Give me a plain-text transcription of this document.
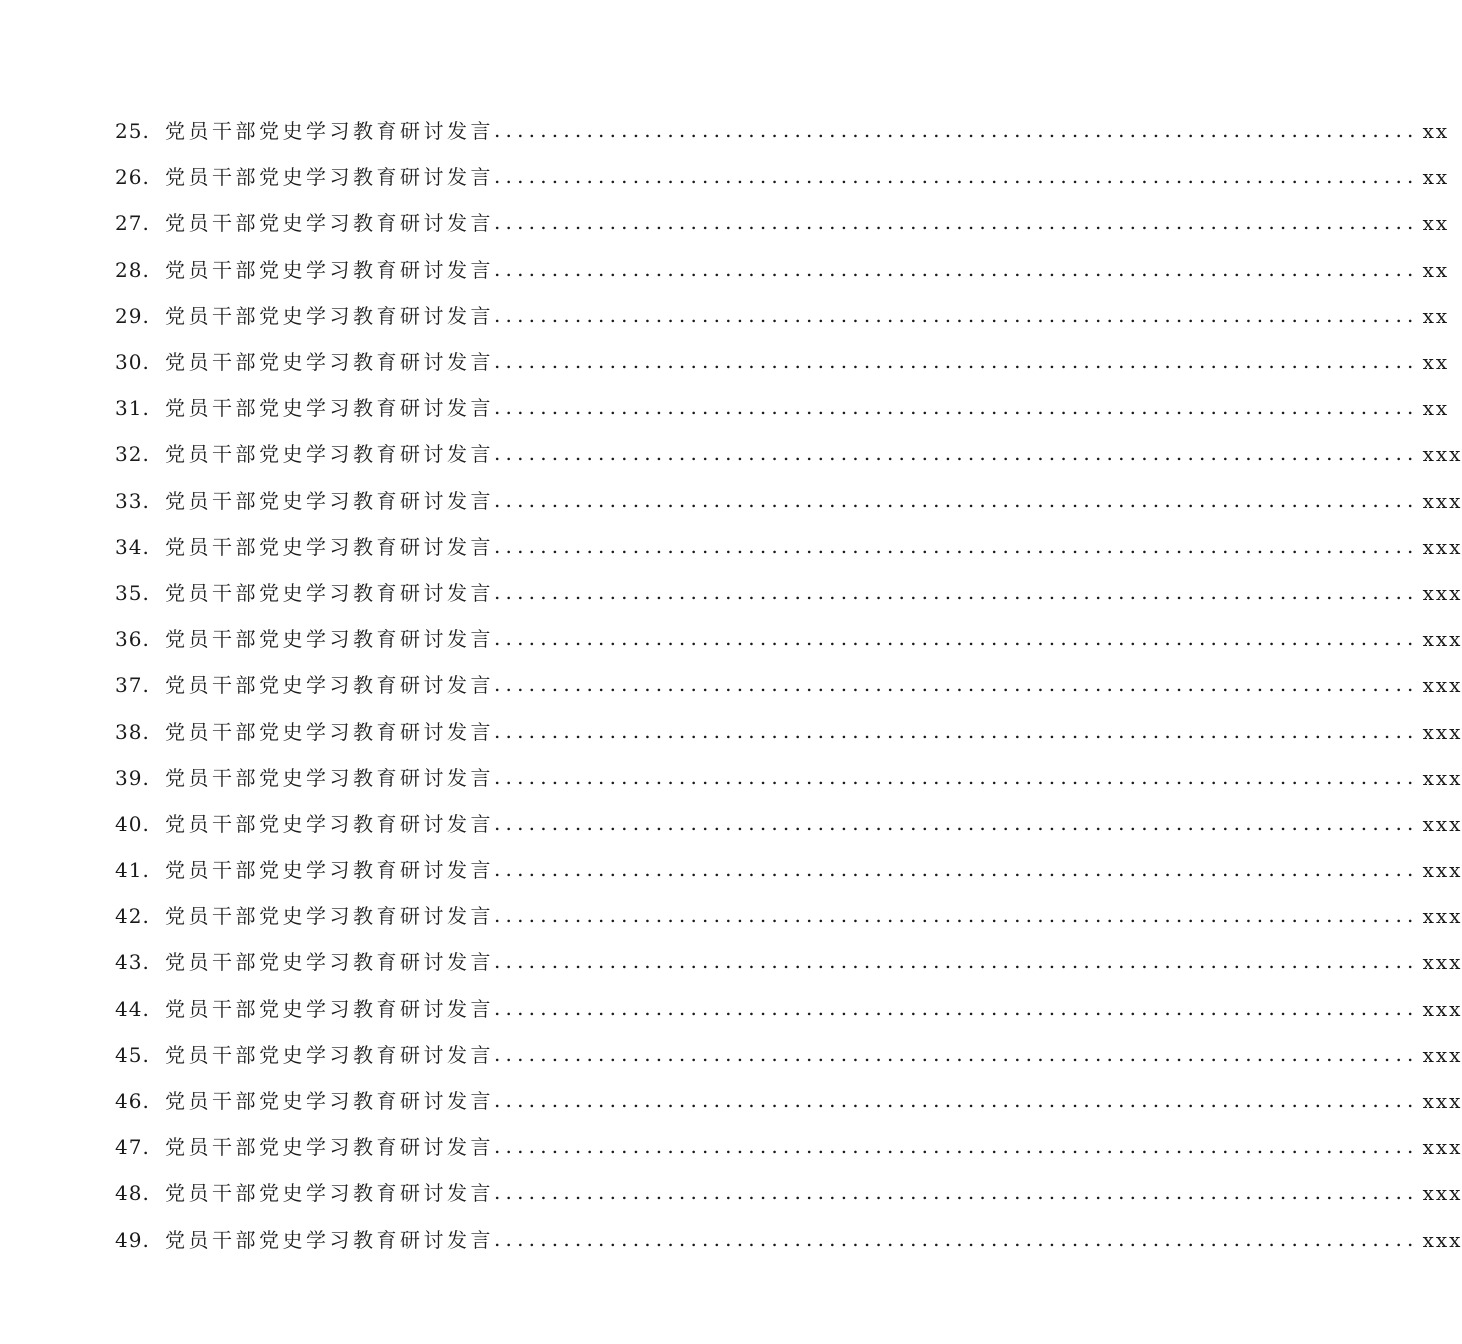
25. 党员干部党史学习教育研讨发言 ................................................................................ xx
26. 党员干部党史学习教育研讨发言 ................................................................................ xx
27. 党员干部党史学习教育研讨发言 ................................................................................ xx
28. 党员干部党史学习教育研讨发言 ................................................................................ xx
29. 党员干部党史学习教育研讨发言 ................................................................................ xx
30. 党员干部党史学习教育研讨发言 ................................................................................ xx
31. 党员干部党史学习教育研讨发言 ................................................................................ xx
32. 党员干部党史学习教育研讨发言 ................................................................................ xxx
33. 党员干部党史学习教育研讨发言 ................................................................................ xxx
34. 党员干部党史学习教育研讨发言 ................................................................................ xxx
35. 党员干部党史学习教育研讨发言 ................................................................................ xxx
36. 党员干部党史学习教育研讨发言 ................................................................................ xxx
37. 党员干部党史学习教育研讨发言 ................................................................................ xxx
38. 党员干部党史学习教育研讨发言 ................................................................................ xxx
39. 党员干部党史学习教育研讨发言 ................................................................................ xxx
40. 党员干部党史学习教育研讨发言 ................................................................................ xxx
41. 党员干部党史学习教育研讨发言 ................................................................................ xxx
42. 党员干部党史学习教育研讨发言 ................................................................................ xxx
43. 党员干部党史学习教育研讨发言 ................................................................................ xxx
44. 党员干部党史学习教育研讨发言 ................................................................................ xxx
45. 党员干部党史学习教育研讨发言 ................................................................................ xxx
46. 党员干部党史学习教育研讨发言 ................................................................................ xxx
47. 党员干部党史学习教育研讨发言 ................................................................................ xxx
48. 党员干部党史学习教育研讨发言 ................................................................................ xxx
49. 党员干部党史学习教育研讨发言 ................................................................................ xxx
